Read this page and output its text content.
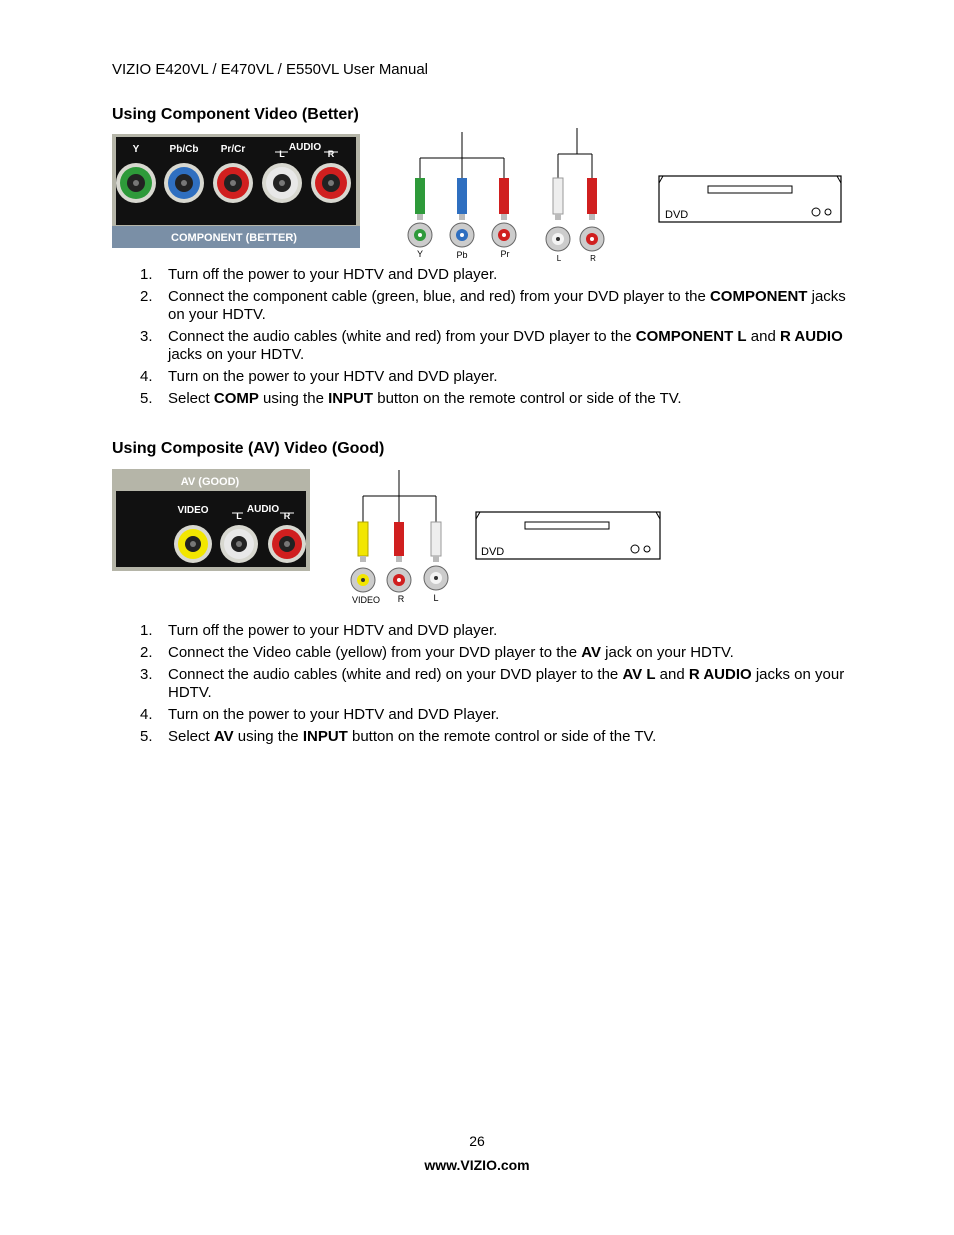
VIZIO E420VL / E470VL / E550VL User Manual
Using Component Video (Better)
Y	Pb/Cb Pr/Cr	AUDIO
L	R
COMPONENT (BETTER)
Y	Pb	Pr	L	R
DVD
1. Turn off the power to your HDTV and DVD player.
2. Connect the component cable (green, blue, and red) from your DVD player to the COMPONENT jacks on your HDTV.
3. Connect the audio cables (white and red) from your DVD player to the COMPONENT L and R AUDIO jacks on your HDTV.
4. Turn on the power to your HDTV and DVD player.
5. Select COMP using the INPUT button on the remote control or side of the TV.
Using Composite (AV) Video (Good)
AV (GOOD)
VIDEO	AUDIO
L	R
VIDEO R	L
DVD
1. Turn off the power to your HDTV and DVD player.
2. Connect the Video cable (yellow) from your DVD player to the AV jack on your HDTV.
3. Connect the audio cables (white and red) on your DVD player to the AV L and R AUDIO jacks on your HDTV.
4. Turn on the power to your HDTV and DVD Player.
5. Select AV using the INPUT button on the remote control or side of the TV.
26
www.VIZIO.com
